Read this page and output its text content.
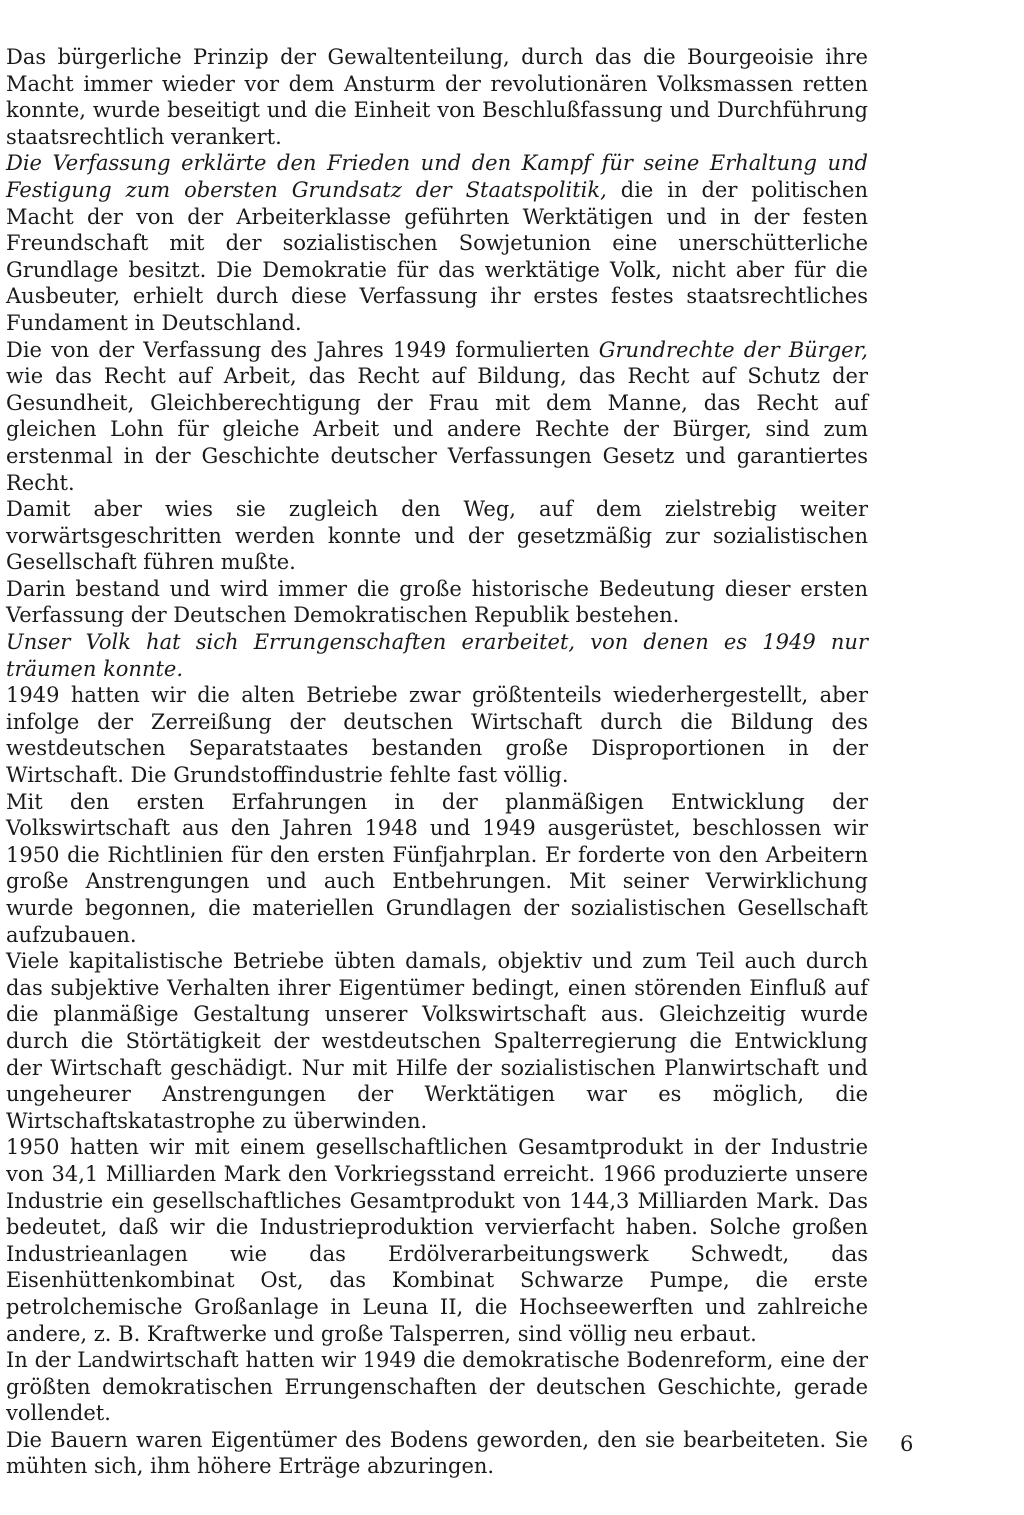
Das bürgerliche Prinzip der Gewaltenteilung, durch das die Bourgeoisie ihre Macht immer wieder vor dem Ansturm der revolutionären Volksmassen retten konnte, wurde beseitigt und die Einheit von Beschlußfassung und Durchführung staatsrechtlich verankert.

Die Verfassung erklärte den Frieden und den Kampf für seine Erhaltung und Festigung zum obersten Grundsatz der Staatspolitik, die in der politischen Macht der von der Arbeiterklasse geführten Werktätigen und in der festen Freundschaft mit der sozialistischen Sowjetunion eine unerschütterliche Grundlage besitzt. Die Demokratie für das werktätige Volk, nicht aber für die Ausbeuter, erhielt durch diese Verfassung ihr erstes festes staatsrechtliches Fundament in Deutschland.

Die von der Verfassung des Jahres 1949 formulierten Grundrechte der Bürger, wie das Recht auf Arbeit, das Recht auf Bildung, das Recht auf Schutz der Gesundheit, Gleichberechtigung der Frau mit dem Manne, das Recht auf gleichen Lohn für gleiche Arbeit und andere Rechte der Bürger, sind zum erstenmal in der Geschichte deutscher Verfassungen Gesetz und garantiertes Recht.

Damit aber wies sie zugleich den Weg, auf dem zielstrebig weiter vorwärtsgeschritten werden konnte und der gesetzmäßig zur sozialistischen Gesellschaft führen mußte.

Darin bestand und wird immer die große historische Bedeutung dieser ersten Verfassung der Deutschen Demokratischen Republik bestehen.

Unser Volk hat sich Errungenschaften erarbeitet, von denen es 1949 nur träumen konnte.

1949 hatten wir die alten Betriebe zwar größtenteils wiederhergestellt, aber infolge der Zerreißung der deutschen Wirtschaft durch die Bildung des westdeutschen Separatstaates bestanden große Disproportionen in der Wirtschaft. Die Grundstoffindustrie fehlte fast völlig.

Mit den ersten Erfahrungen in der planmäßigen Entwicklung der Volkswirtschaft aus den Jahren 1948 und 1949 ausgerüstet, beschlossen wir 1950 die Richtlinien für den ersten Fünfjahrplan. Er forderte von den Arbeitern große Anstrengungen und auch Entbehrungen. Mit seiner Verwirklichung wurde begonnen, die materiellen Grundlagen der sozialistischen Gesellschaft aufzubauen.

Viele kapitalistische Betriebe übten damals, objektiv und zum Teil auch durch das subjektive Verhalten ihrer Eigentümer bedingt, einen störenden Einfluß auf die planmäßige Gestaltung unserer Volkswirtschaft aus. Gleichzeitig wurde durch die Störtätigkeit der westdeutschen Spalterregierung die Entwicklung der Wirtschaft geschädigt. Nur mit Hilfe der sozialistischen Planwirtschaft und ungeheurer Anstrengungen der Werktätigen war es möglich, die Wirtschaftskatastrophe zu überwinden.

1950 hatten wir mit einem gesellschaftlichen Gesamtprodukt in der Industrie von 34,1 Milliarden Mark den Vorkriegsstand erreicht. 1966 produzierte unsere Industrie ein gesellschaftliches Gesamtprodukt von 144,3 Milliarden Mark. Das bedeutet, daß wir die Industrieproduktion vervierfacht haben. Solche großen Industrieanlagen wie das Erdölverarbeitungswerk Schwedt, das Eisenhüttenkombinat Ost, das Kombinat Schwarze Pumpe, die erste petrolchemische Großanlage in Leuna II, die Hochseewerften und zahlreiche andere, z. B. Kraftwerke und große Talsperren, sind völlig neu erbaut.

In der Landwirtschaft hatten wir 1949 die demokratische Bodenreform, eine der größten demokratischen Errungenschaften der deutschen Geschichte, gerade vollendet.

Die Bauern waren Eigentümer des Bodens geworden, den sie bearbeiteten. Sie mühten sich, ihm höhere Erträge abzuringen.

6
